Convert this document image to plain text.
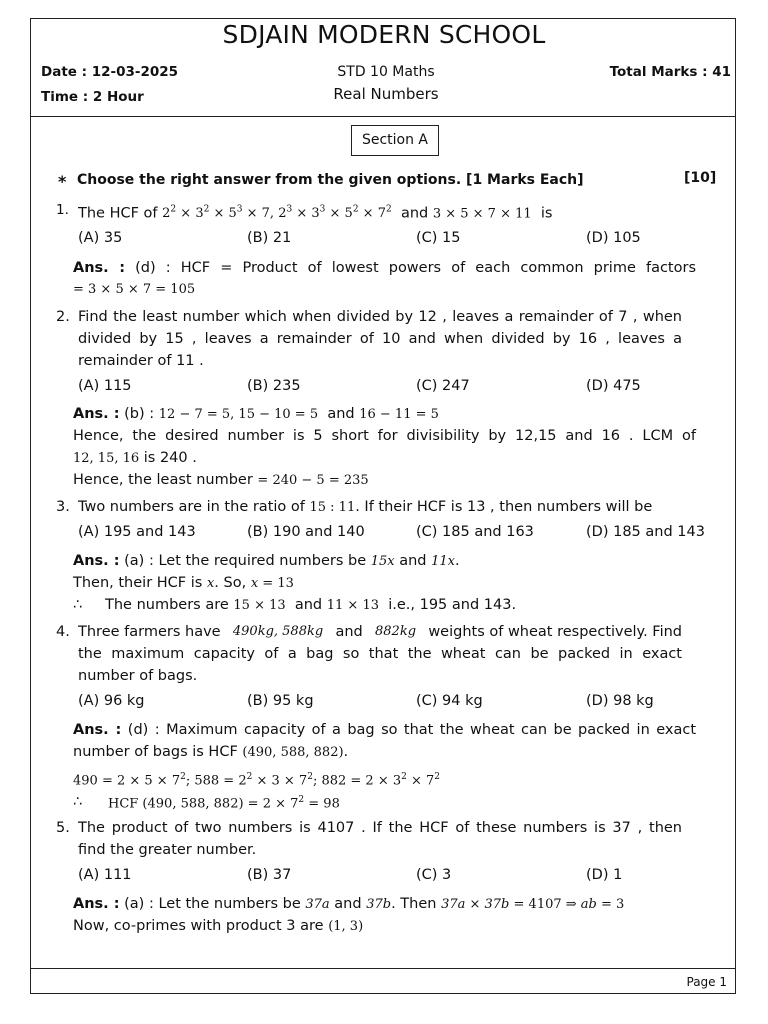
SDJAIN MODERN SCHOOL
Date : 12-03-2025
Time : 2 Hour
STD 10 Maths
Real Numbers
Total Marks : 41
Section A
* Choose the right answer from the given options. [1 Marks Each]	[10]
1. The HCF of $2^2 \times 3^2 \times 5^3 \times 7$, $2^3 \times 3^3 \times 5^2 \times 7^2$ and 3 × 5 × 7 × 11 is
(A) 35	(B) 21	(C) 15	(D) 105
Ans. : (d) : HCF = Product of lowest powers of each common prime factors
= 3 × 5 × 7 = 105
2. Find the least number which when divided by 12 , leaves a remainder of 7 , when
divided by 15 , leaves a remainder of 10 and when divided by 16 , leaves a
remainder of 11 .
(A) 115	(B) 235	(C) 247	(D) 475
Ans. : (b) : 12 − 7 = 5, 15 − 10 = 5 and 16 − 11 = 5
Hence, the desired number is 5 short for divisibility by 12,15 and 16 . LCM of
12, 15, 16 is 240 .
Hence, the least number = 240 − 5 = 235
3. Two numbers are in the ratio of 15 : 11. If their HCF is 13 , then numbers will be
(A) 195 and 143	(B) 190 and 140	(C) 185 and 163	(D) 185 and 143
Ans. : (a) : Let the required numbers be 15x and 11x.
Then, their HCF is x. So, x = 13
∴ The numbers are 15 × 13 and 11 × 13 i.e., 195 and 143.
4. Three farmers have 490kg, 588kg and 882kg weights of wheat respectively. Find
the maximum capacity of a bag so that the wheat can be packed in exact
number of bags.
(A) 96 kg	(B) 95 kg	(C) 94 kg	(D) 98 kg
Ans. : (d) : Maximum capacity of a bag so that the wheat can be packed in exact
number of bags is HCF (490, 588, 882).
$490 = 2 \times 5 \times 7^2$; $588 = 2^2 \times 3 \times 7^2$; $882 = 2 \times 3^2 \times 7^2$
∴ HCF (490, 588, $882) = 2 \times 7^2 = 98$
5. The product of two numbers is 4107 . If the HCF of these numbers is 37 , then
find the greater number.
(A) 111	(B) 37	(C) 3	(D) 1
Ans. : (a) : Let the numbers be 37a and 37b. Then 37a × 37b = 4107 ⇒ ab = 3
Now, co-primes with product 3 are (1, 3)
Page 1
